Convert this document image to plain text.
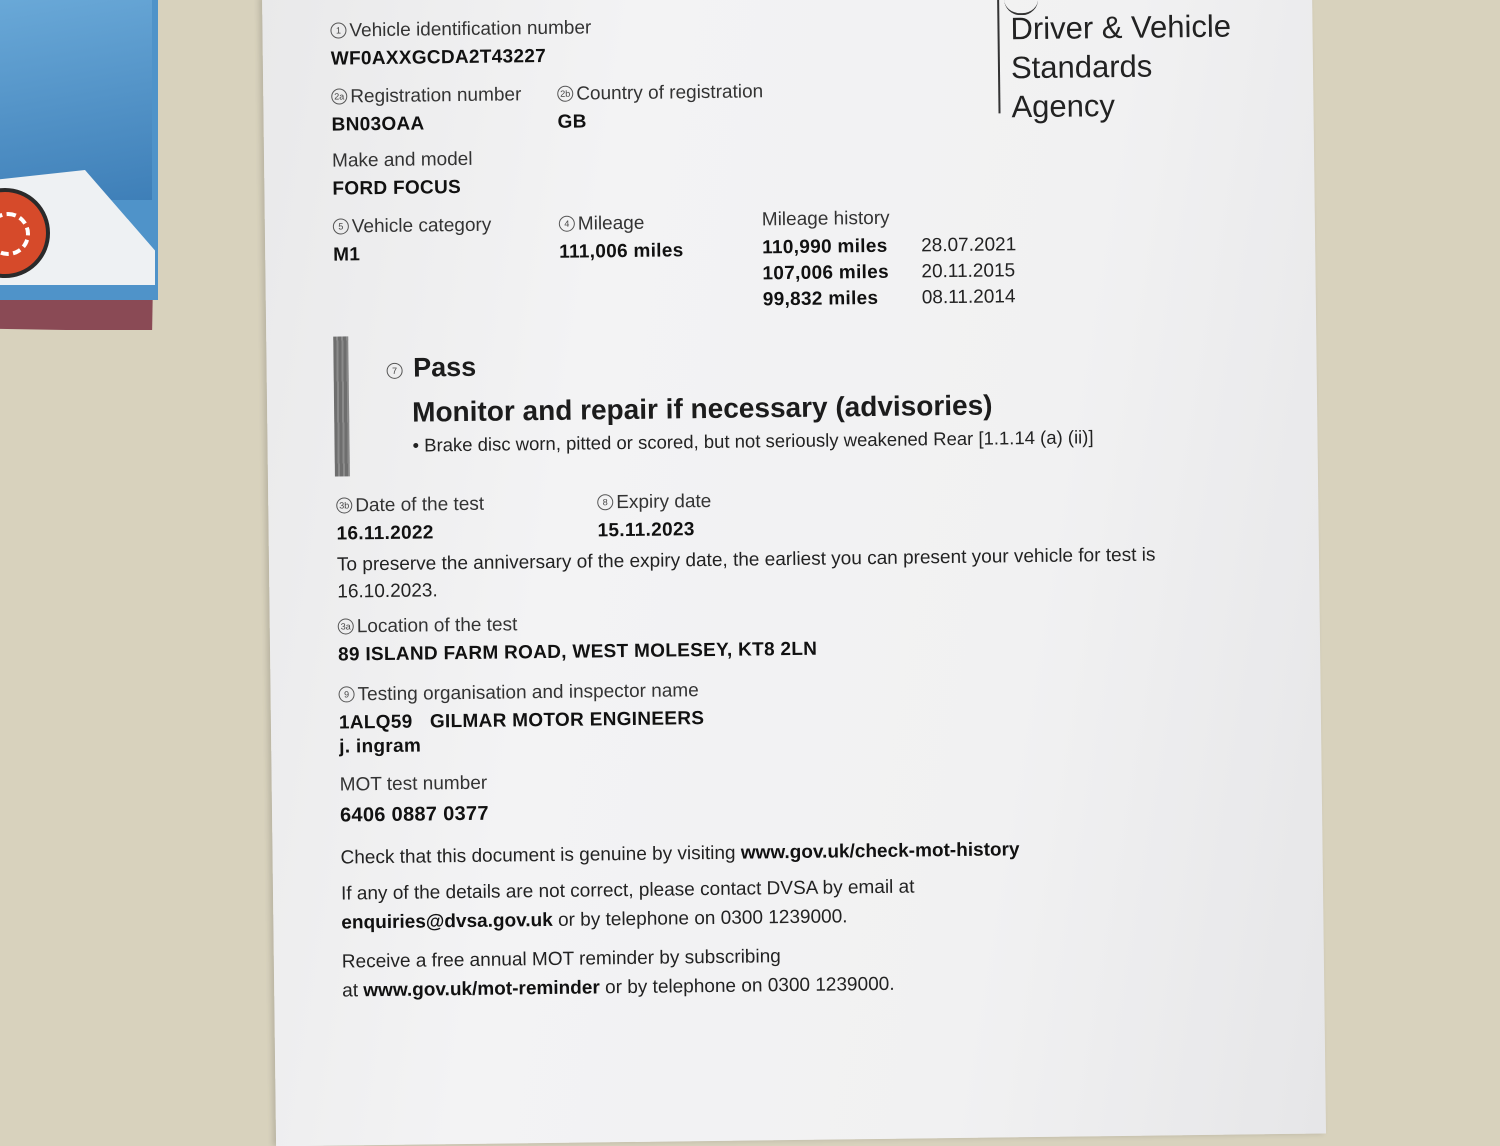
1 Vehicle identification number
WF0AXXGCDA2T43227
2a Registration number
BN03OAA
2b Country of registration
GB
Make and model
FORD FOCUS
5 Vehicle category
M1
4 Mileage
111,006 miles
Mileage history
110,990 miles 28.07.2021
107,006 miles 20.11.2015
99,832 miles 08.11.2014
Driver & Vehicle
Standards
Agency
7 Pass
Monitor and repair if necessary (advisories)
• Brake disc worn, pitted or scored, but not seriously weakened Rear [1.1.14 (a) (ii)]
3b Date of the test
16.11.2022
8 Expiry date
15.11.2023
To preserve the anniversary of the expiry date, the earliest you can present your vehicle for test is
16.10.2023.
3a Location of the test
89 ISLAND FARM ROAD, WEST MOLESEY, KT8 2LN
9 Testing organisation and inspector name
1ALQ59 GILMAR MOTOR ENGINEERS
j. ingram
MOT test number
6406 0887 0377
Check that this document is genuine by visiting www.gov.uk/check-mot-history
If any of the details are not correct, please contact DVSA by email at
enquiries@dvsa.gov.uk or by telephone on 0300 1239000.
Receive a free annual MOT reminder by subscribing
at www.gov.uk/mot-reminder or by telephone on 0300 1239000.
